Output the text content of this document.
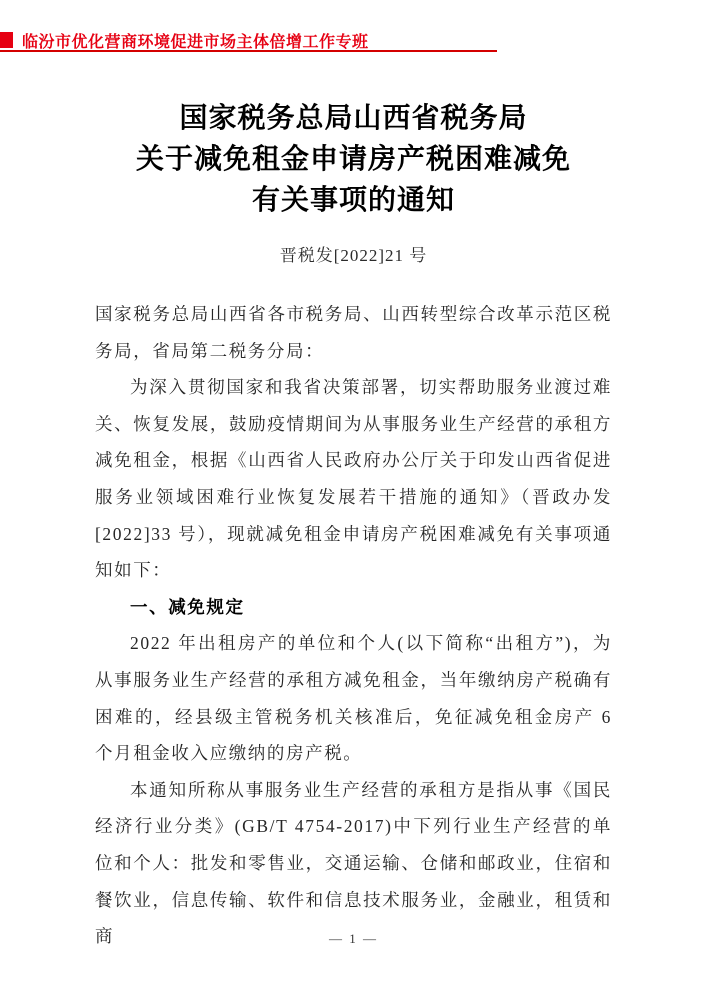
临汾市优化营商环境促进市场主体倍增工作专班
国家税务总局山西省税务局
关于减免租金申请房产税困难减免
有关事项的通知
晋税发[2022]21 号

国家税务总局山西省各市税务局、山西转型综合改革示范区税务局，省局第二税务分局：

为深入贯彻国家和我省决策部署，切实帮助服务业渡过难关、恢复发展，鼓励疫情期间为从事服务业生产经营的承租方减免租金，根据《山西省人民政府办公厅关于印发山西省促进服务业领域困难行业恢复发展若干措施的通知》（晋政办发[2022]33 号），现就减免租金申请房产税困难减免有关事项通知如下：

一、减免规定

2022 年出租房产的单位和个人(以下简称“出租方”)，为从事服务业生产经营的承租方减免租金，当年缴纳房产税确有困难的，经县级主管税务机关核准后，免征减免租金房产 6 个月租金收入应缴纳的房产税。

本通知所称从事服务业生产经营的承租方是指从事《国民经济行业分类》(GB/T 4754-2017)中下列行业生产经营的单位和个人：批发和零售业，交通运输、仓储和邮政业，住宿和餐饮业，信息传输、软件和信息技术服务业，金融业，租赁和商	— 1 —
